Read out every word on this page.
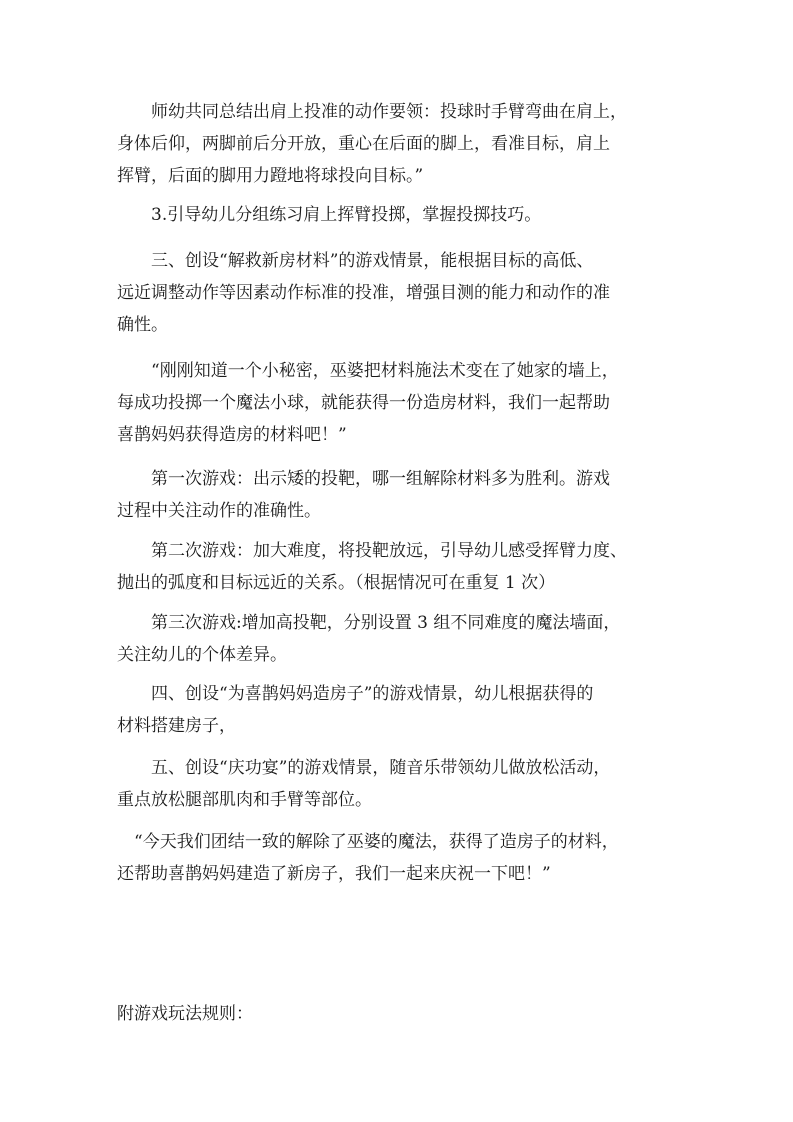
　　师幼共同总结出肩上投准的动作要领：投球时手臂弯曲在肩上，
身体后仰，两脚前后分开放，重心在后面的脚上，看准目标，肩上
挥臂，后面的脚用力蹬地将球投向目标。”
　　3.引导幼儿分组练习肩上挥臂投掷，掌握投掷技巧。
　　三、创设“解救新房材料”的游戏情景，能根据目标的高低、
远近调整动作等因素动作标准的投准，增强目测的能力和动作的准
确性。
　　“刚刚知道一个小秘密，巫婆把材料施法术变在了她家的墙上，
每成功投掷一个魔法小球，就能获得一份造房材料，我们一起帮助
喜鹊妈妈获得造房的材料吧！”
　　第一次游戏：出示矮的投靶，哪一组解除材料多为胜利。游戏
过程中关注动作的准确性。
　　第二次游戏：加大难度，将投靶放远，引导幼儿感受挥臂力度、
抛出的弧度和目标远近的关系。（根据情况可在重复 1 次）
　　第三次游戏:增加高投靶，分别设置 3 组不同难度的魔法墙面，
关注幼儿的个体差异。
　　四、创设“为喜鹊妈妈造房子”的游戏情景，幼儿根据获得的
材料搭建房子，
　　五、创设“庆功宴”的游戏情景，随音乐带领幼儿做放松活动，
重点放松腿部肌肉和手臂等部位。
　“今天我们团结一致的解除了巫婆的魔法，获得了造房子的材料，
还帮助喜鹊妈妈建造了新房子，我们一起来庆祝一下吧！”
附游戏玩法规则：
